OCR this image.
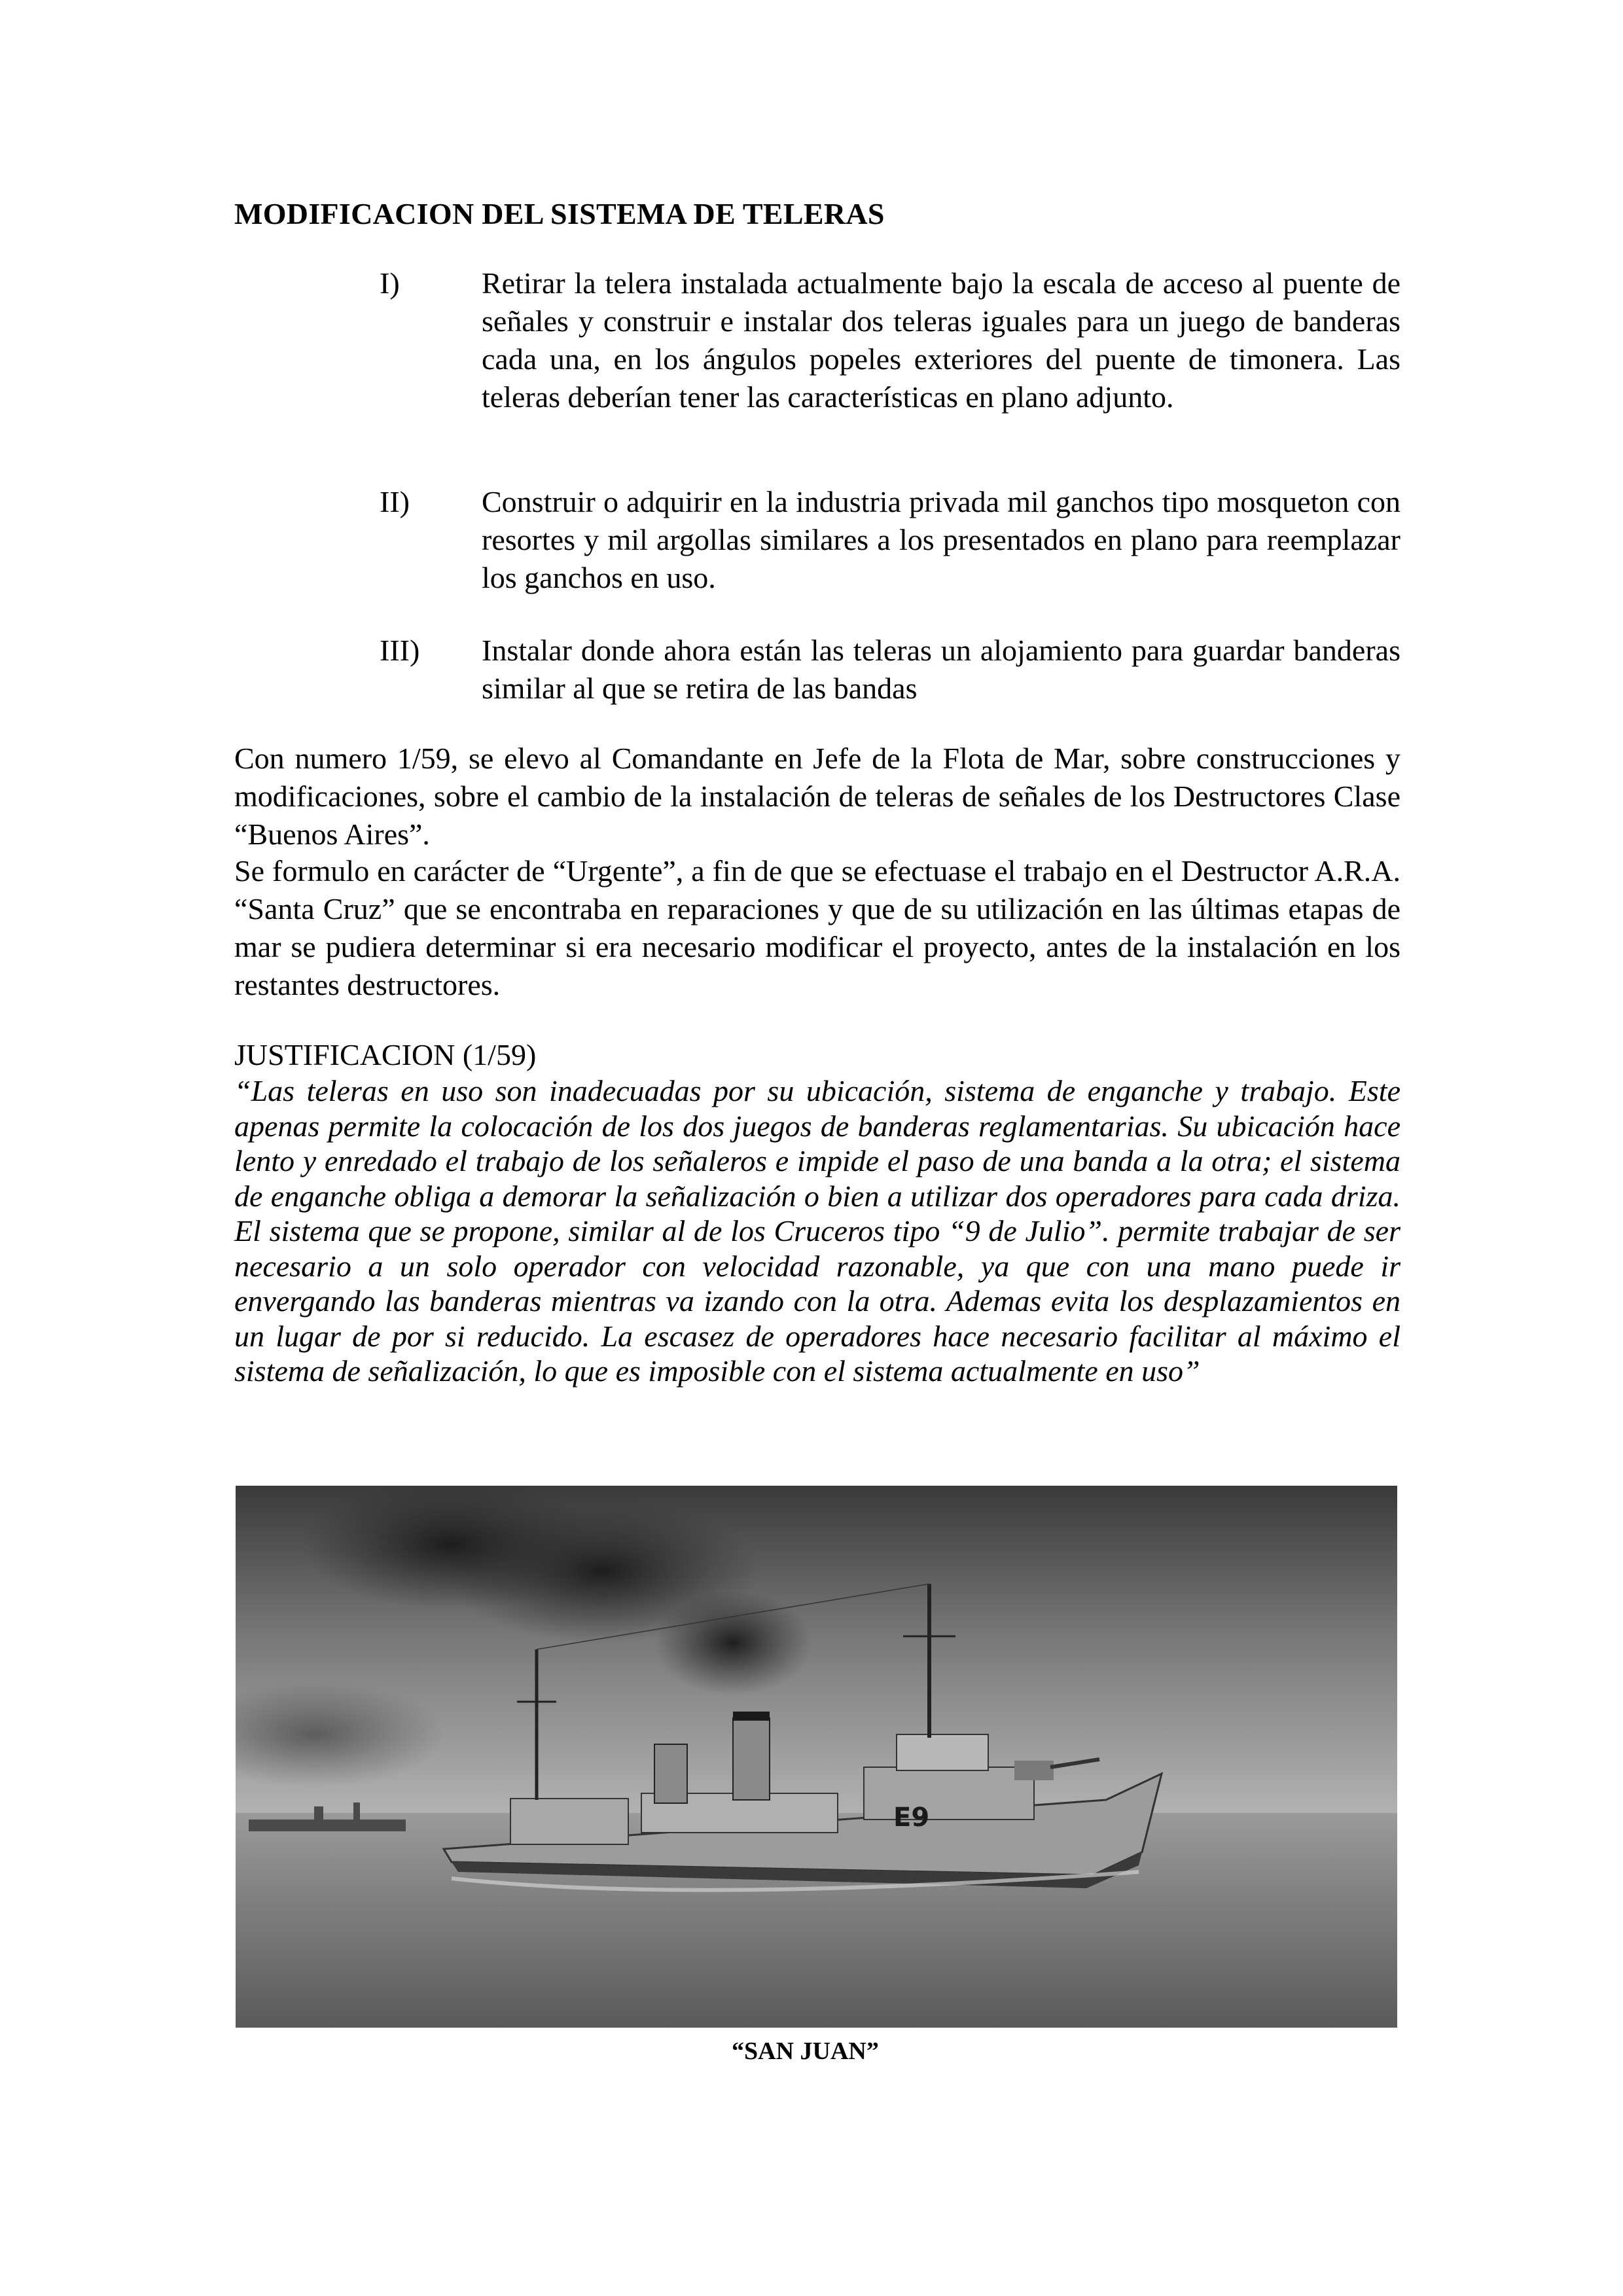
MODIFICACION DEL SISTEMA DE TELERAS
I)	Retirar la telera instalada actualmente bajo la escala de acceso al puente de señales y construir e instalar dos teleras iguales para un juego de banderas cada una, en los ángulos popeles exteriores del puente de timonera. Las teleras deberían tener las características en plano adjunto.
II) Construir o adquirir en la industria privada mil ganchos tipo mosqueton con resortes y mil argollas similares a los presentados en plano para reemplazar los ganchos en uso.
III) Instalar donde ahora están las teleras un alojamiento para guardar banderas similar al que se retira de las bandas
Con numero 1/59, se elevo al Comandante en Jefe de la Flota de Mar, sobre construcciones y modificaciones, sobre el cambio de la instalación de teleras de señales de los Destructores Clase “Buenos Aires”.
Se formulo en carácter de “Urgente”, a fin de que se efectuase el trabajo en el Destructor A.R.A. “Santa Cruz” que se encontraba en reparaciones y que de su utilización en las últimas etapas de mar se pudiera determinar si era necesario modificar el proyecto, antes de la instalación en los restantes destructores.
JUSTIFICACION (1/59)
“Las teleras en uso son inadecuadas por su ubicación, sistema de enganche y trabajo. Este apenas permite la colocación de los dos juegos de banderas reglamentarias. Su ubicación hace lento y enredado el trabajo de los señaleros e impide el paso de una banda a la otra; el sistema de enganche obliga a demorar la señalización o bien a utilizar dos operadores para cada driza. El sistema que se propone, similar al de los Cruceros tipo “9 de Julio”. permite trabajar de ser necesario a un solo operador con velocidad razonable, ya que con una mano puede ir envergando las banderas mientras va izando con la otra. Ademas evita los desplazamientos en un lugar de por si reducido. La escasez de operadores hace necesario facilitar al máximo el sistema de señalización, lo que es imposible con el sistema actualmente en uso”
E9
“SAN JUAN”
